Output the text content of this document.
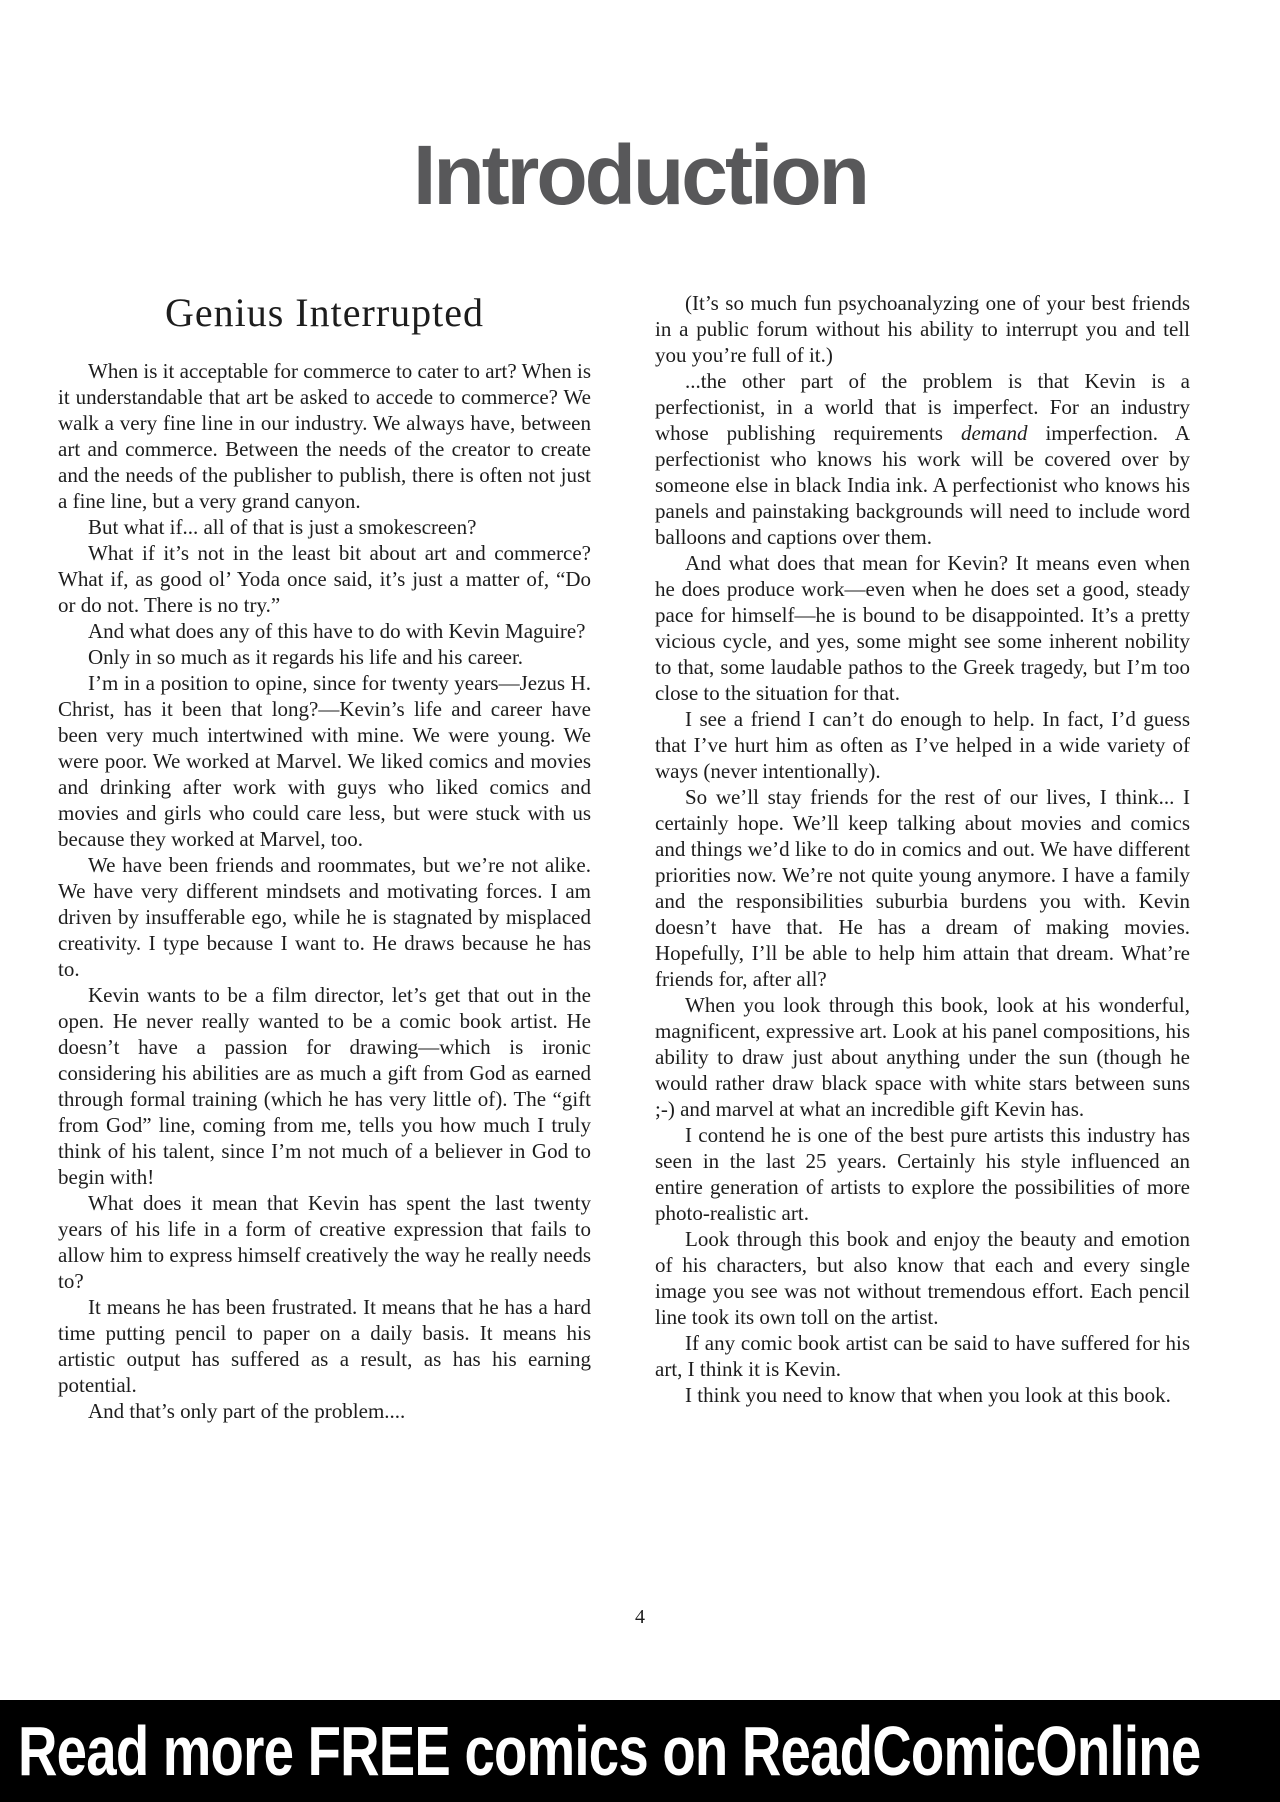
Introduction
Genius Interrupted

When is it acceptable for commerce to cater to art? When is it understandable that art be asked to accede to commerce? We walk a very fine line in our industry. We always have, between art and commerce. Between the needs of the creator to create and the needs of the publisher to publish, there is often not just a fine line, but a very grand canyon.

But what if... all of that is just a smokescreen?

What if it’s not in the least bit about art and commerce? What if, as good ol’ Yoda once said, it’s just a matter of, “Do or do not. There is no try.”

And what does any of this have to do with Kevin Maguire?

Only in so much as it regards his life and his career.

I’m in a position to opine, since for twenty years—Jezus H. Christ, has it been that long?—Kevin’s life and career have been very much intertwined with mine. We were young. We were poor. We worked at Marvel. We liked comics and movies and drinking after work with guys who liked comics and movies and girls who could care less, but were stuck with us because they worked at Marvel, too.

We have been friends and roommates, but we’re not alike. We have very different mindsets and motivating forces. I am driven by insufferable ego, while he is stagnated by misplaced creativity. I type because I want to. He draws because he has to.

Kevin wants to be a film director, let’s get that out in the open. He never really wanted to be a comic book artist. He doesn’t have a passion for drawing—which is ironic considering his abilities are as much a gift from God as earned through formal training (which he has very little of). The “gift from God” line, coming from me, tells you how much I truly think of his talent, since I’m not much of a believer in God to begin with!

What does it mean that Kevin has spent the last twenty years of his life in a form of creative expression that fails to allow him to express himself creatively the way he really needs to?

It means he has been frustrated. It means that he has a hard time putting pencil to paper on a daily basis. It means his artistic output has suffered as a result, as has his earning potential.

And that’s only part of the problem....

(It’s so much fun psychoanalyzing one of your best friends in a public forum without his ability to interrupt you and tell you you’re full of it.)

...the other part of the problem is that Kevin is a perfectionist, in a world that is imperfect. For an industry whose publishing requirements demand imperfection. A perfectionist who knows his work will be covered over by someone else in black India ink. A perfectionist who knows his panels and painstaking backgrounds will need to include word balloons and captions over them.

And what does that mean for Kevin? It means even when he does produce work—even when he does set a good, steady pace for himself—he is bound to be disappointed. It’s a pretty vicious cycle, and yes, some might see some inherent nobility to that, some laudable pathos to the Greek tragedy, but I’m too close to the situation for that.

I see a friend I can’t do enough to help. In fact, I’d guess that I’ve hurt him as often as I’ve helped in a wide variety of ways (never intentionally).

So we’ll stay friends for the rest of our lives, I think... I certainly hope. We’ll keep talking about movies and comics and things we’d like to do in comics and out. We have different priorities now. We’re not quite young anymore. I have a family and the responsibilities suburbia burdens you with. Kevin doesn’t have that. He has a dream of making movies. Hopefully, I’ll be able to help him attain that dream. What’re friends for, after all?

When you look through this book, look at his wonderful, magnificent, expressive art. Look at his panel compositions, his ability to draw just about anything under the sun (though he would rather draw black space with white stars between suns ;-) and marvel at what an incredible gift Kevin has.

I contend he is one of the best pure artists this industry has seen in the last 25 years. Certainly his style influenced an entire generation of artists to explore the possibilities of more photo-realistic art.

Look through this book and enjoy the beauty and emotion of his characters, but also know that each and every single image you see was not without tremendous effort. Each pencil line took its own toll on the artist.

If any comic book artist can be said to have suffered for his art, I think it is Kevin.

I think you need to know that when you look at this book.

4
Read more FREE comics on ReadComicOnline
